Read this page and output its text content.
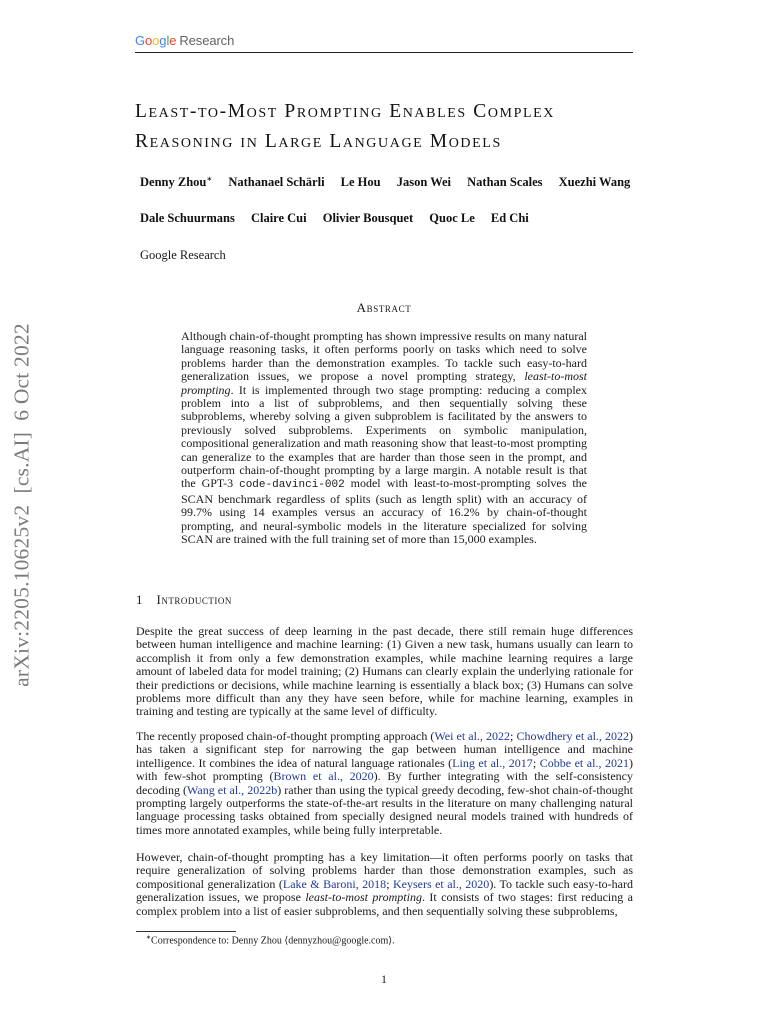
Google Research
arXiv:2205.10625v2  [cs.AI]  6 Oct 2022
Least-to-Most Prompting Enables Complex
Reasoning in Large Language Models
Denny Zhou∗ Nathanael Schärli Le Hou Jason Wei Nathan Scales Xuezhi Wang
Dale Schuurmans Claire Cui Olivier Bousquet Quoc Le Ed Chi
Google Research
Abstract
Although chain-of-thought prompting has shown impressive results on many natural language reasoning tasks, it often performs poorly on tasks which need to solve problems harder than the demonstration examples. To tackle such easy-to-hard generalization issues, we propose a novel prompting strategy, least-to-most prompting. It is implemented through two stage prompting: reducing a complex problem into a list of subproblems, and then sequentially solving these subproblems, whereby solving a given subproblem is facilitated by the answers to previously solved subproblems. Experiments on symbolic manipulation, compositional generalization and math reasoning show that least-to-most prompting can generalize to the examples that are harder than those seen in the prompt, and outperform chain-of-thought prompting by a large margin. A notable result is that the GPT-3 code-davinci-002 model with least-to-most-prompting solves the SCAN benchmark regardless of splits (such as length split) with an accuracy of 99.7% using 14 examples versus an accuracy of 16.2% by chain-of-thought prompting, and neural-symbolic models in the literature specialized for solving SCAN are trained with the full training set of more than 15,000 examples.
1 Introduction
Despite the great success of deep learning in the past decade, there still remain huge differences between human intelligence and machine learning: (1) Given a new task, humans usually can learn to accomplish it from only a few demonstration examples, while machine learning requires a large amount of labeled data for model training; (2) Humans can clearly explain the underlying rationale for their predictions or decisions, while machine learning is essentially a black box; (3) Humans can solve problems more difficult than any they have seen before, while for machine learning, examples in training and testing are typically at the same level of difficulty.
The recently proposed chain-of-thought prompting approach (Wei et al., 2022; Chowdhery et al., 2022) has taken a significant step for narrowing the gap between human intelligence and machine intelligence. It combines the idea of natural language rationales (Ling et al., 2017; Cobbe et al., 2021) with few-shot prompting (Brown et al., 2020). By further integrating with the self-consistency decoding (Wang et al., 2022b) rather than using the typical greedy decoding, few-shot chain-of-thought prompting largely outperforms the state-of-the-art results in the literature on many challenging natural language processing tasks obtained from specially designed neural models trained with hundreds of times more annotated examples, while being fully interpretable.
However, chain-of-thought prompting has a key limitation—it often performs poorly on tasks that require generalization of solving problems harder than those demonstration examples, such as compositional generalization (Lake & Baroni, 2018; Keysers et al., 2020). To tackle such easy-to-hard generalization issues, we propose least-to-most prompting. It consists of two stages: first reducing a complex problem into a list of easier subproblems, and then sequentially solving these subproblems,
∗Correspondence to: Denny Zhou ⟨dennyzhou@google.com⟩.
1
